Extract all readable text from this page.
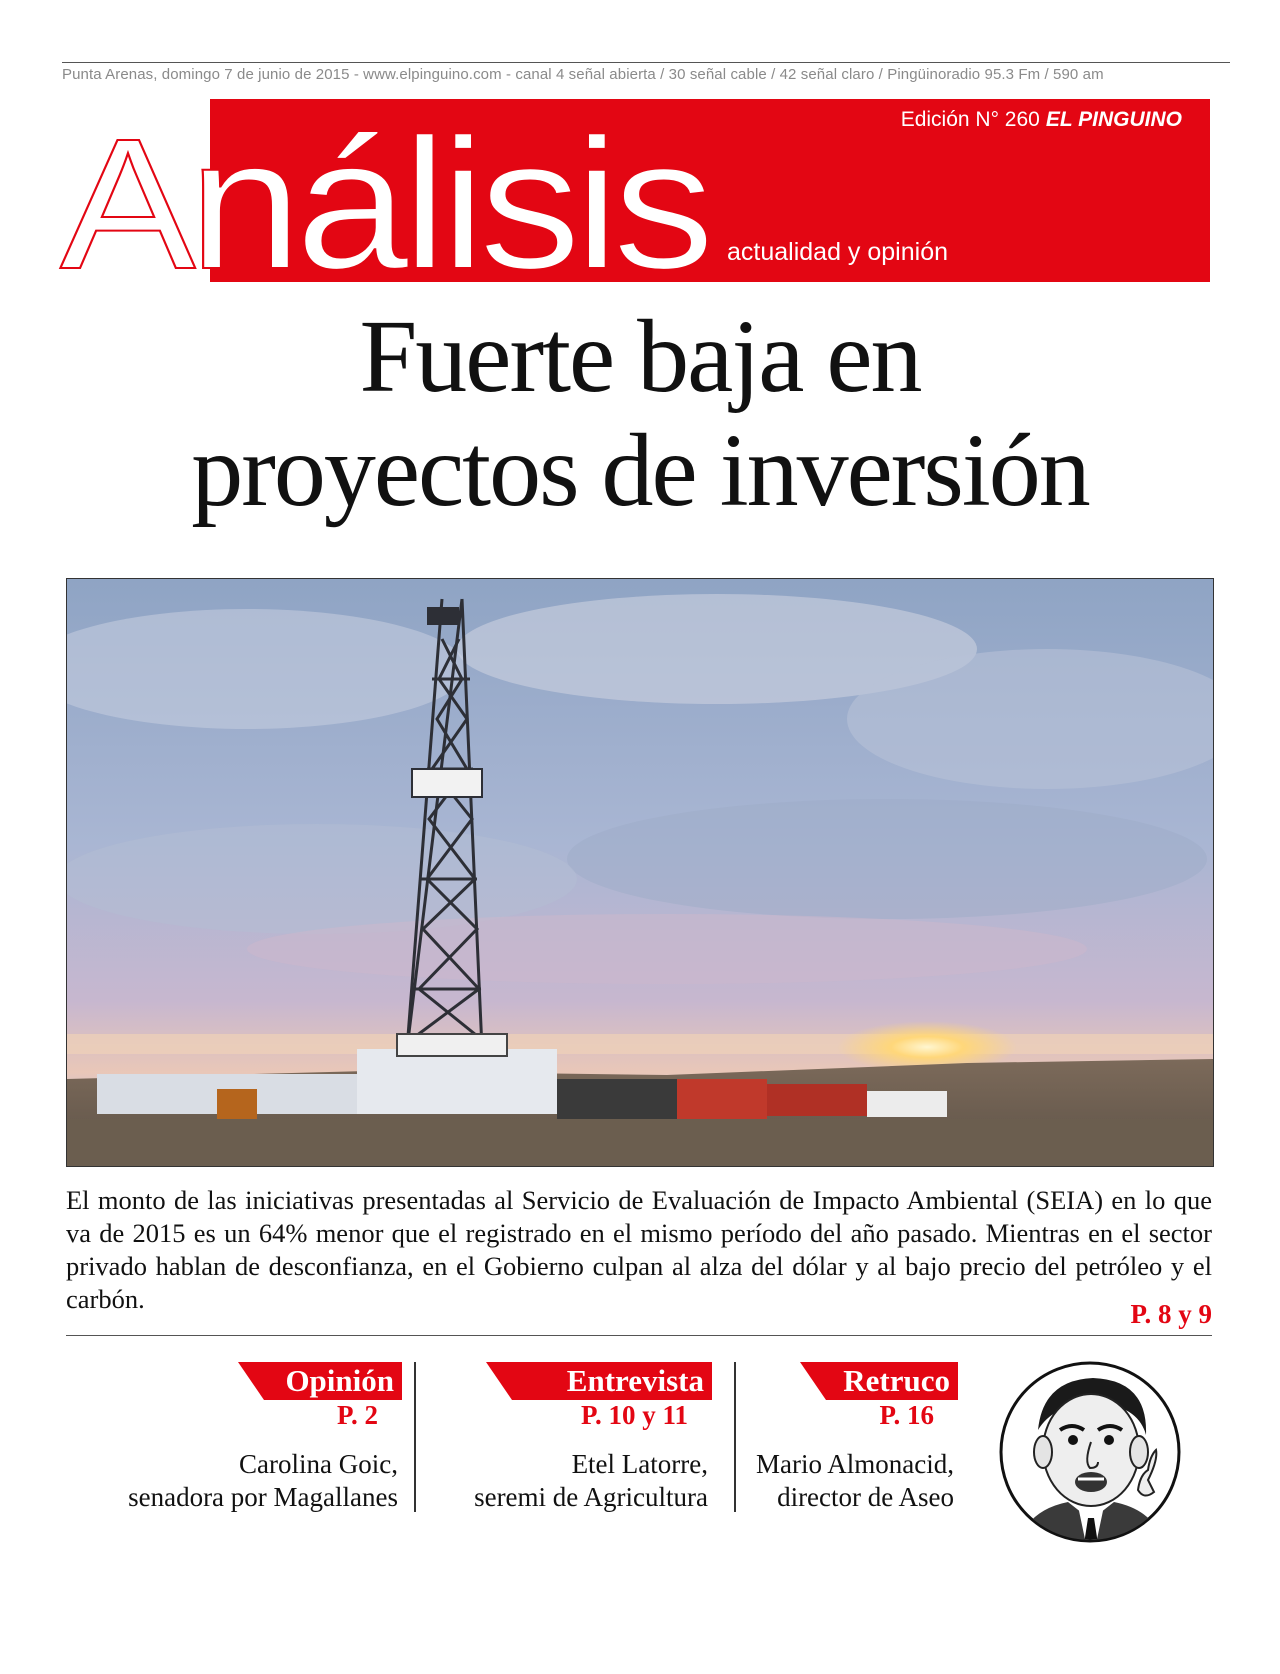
Punta Arenas, domingo 7 de junio de 2015 - www.elpinguino.com - canal 4 señal abierta / 30 señal cable / 42 señal claro / Pingüinoradio 95.3 Fm / 590 am
Análisis	Edición N° 260 EL PINGUINO
actualidad y opinión
Fuerte baja en
proyectos de inversión

El monto de las iniciativas presentadas al Servicio de Evaluación de Impacto Ambiental (SEIA) en lo que va de 2015 es un 64% menor que el registrado en el mismo período del año pasado. Mientras en el sector privado hablan de desconfianza, en el Gobierno culpan al alza del dólar y al bajo precio del petróleo y el carbón.	P. 8 y 9
Opinión
P. 2
Carolina Goic,
senadora por Magallanes
Entrevista
P. 10 y 11
Etel Latorre,
seremi de Agricultura
Retruco
P. 16
Mario Almonacid,
director de Aseo
